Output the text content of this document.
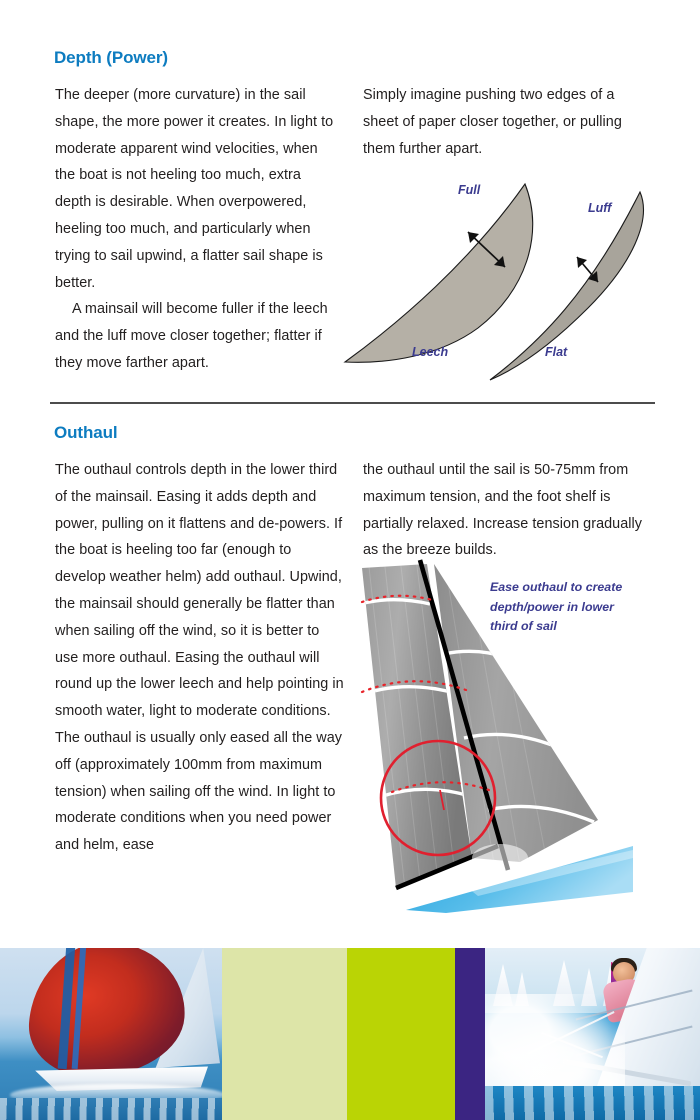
Depth (Power)

The deeper (more curvature) in the sail shape, the more power it creates. In light to moderate apparent wind velocities, when the boat is not heeling too much, extra depth is desirable. When overpowered, heeling too much, and particularly when trying to sail upwind, a flatter sail shape is better.

A mainsail will become fuller if the leech and the luff move closer together; flatter if they move farther apart.

Simply imagine pushing two edges of a sheet of paper closer together, or pulling them further apart.

Full
Leech
Luff
Flat
Outhaul

The outhaul controls depth in the lower third of the mainsail. Easing it adds depth and power, pulling on it flattens and de-powers. If the boat is heeling too far (enough to develop weather helm) add outhaul. Upwind, the mainsail should generally be flatter than when sailing off the wind, so it is better to use more outhaul. Easing the outhaul will round up the lower leech and help pointing in smooth water, light to moderate conditions. The outhaul is usually only eased all the way off (approximately 100mm from maximum tension) when sailing off the wind. In light to moderate conditions when you need power and helm, ease

the outhaul until the sail is 50-75mm from maximum tension, and the foot shelf is partially relaxed. Increase tension gradually as the breeze builds.

Ease outhaul to create
depth/power in lower
third of sail
